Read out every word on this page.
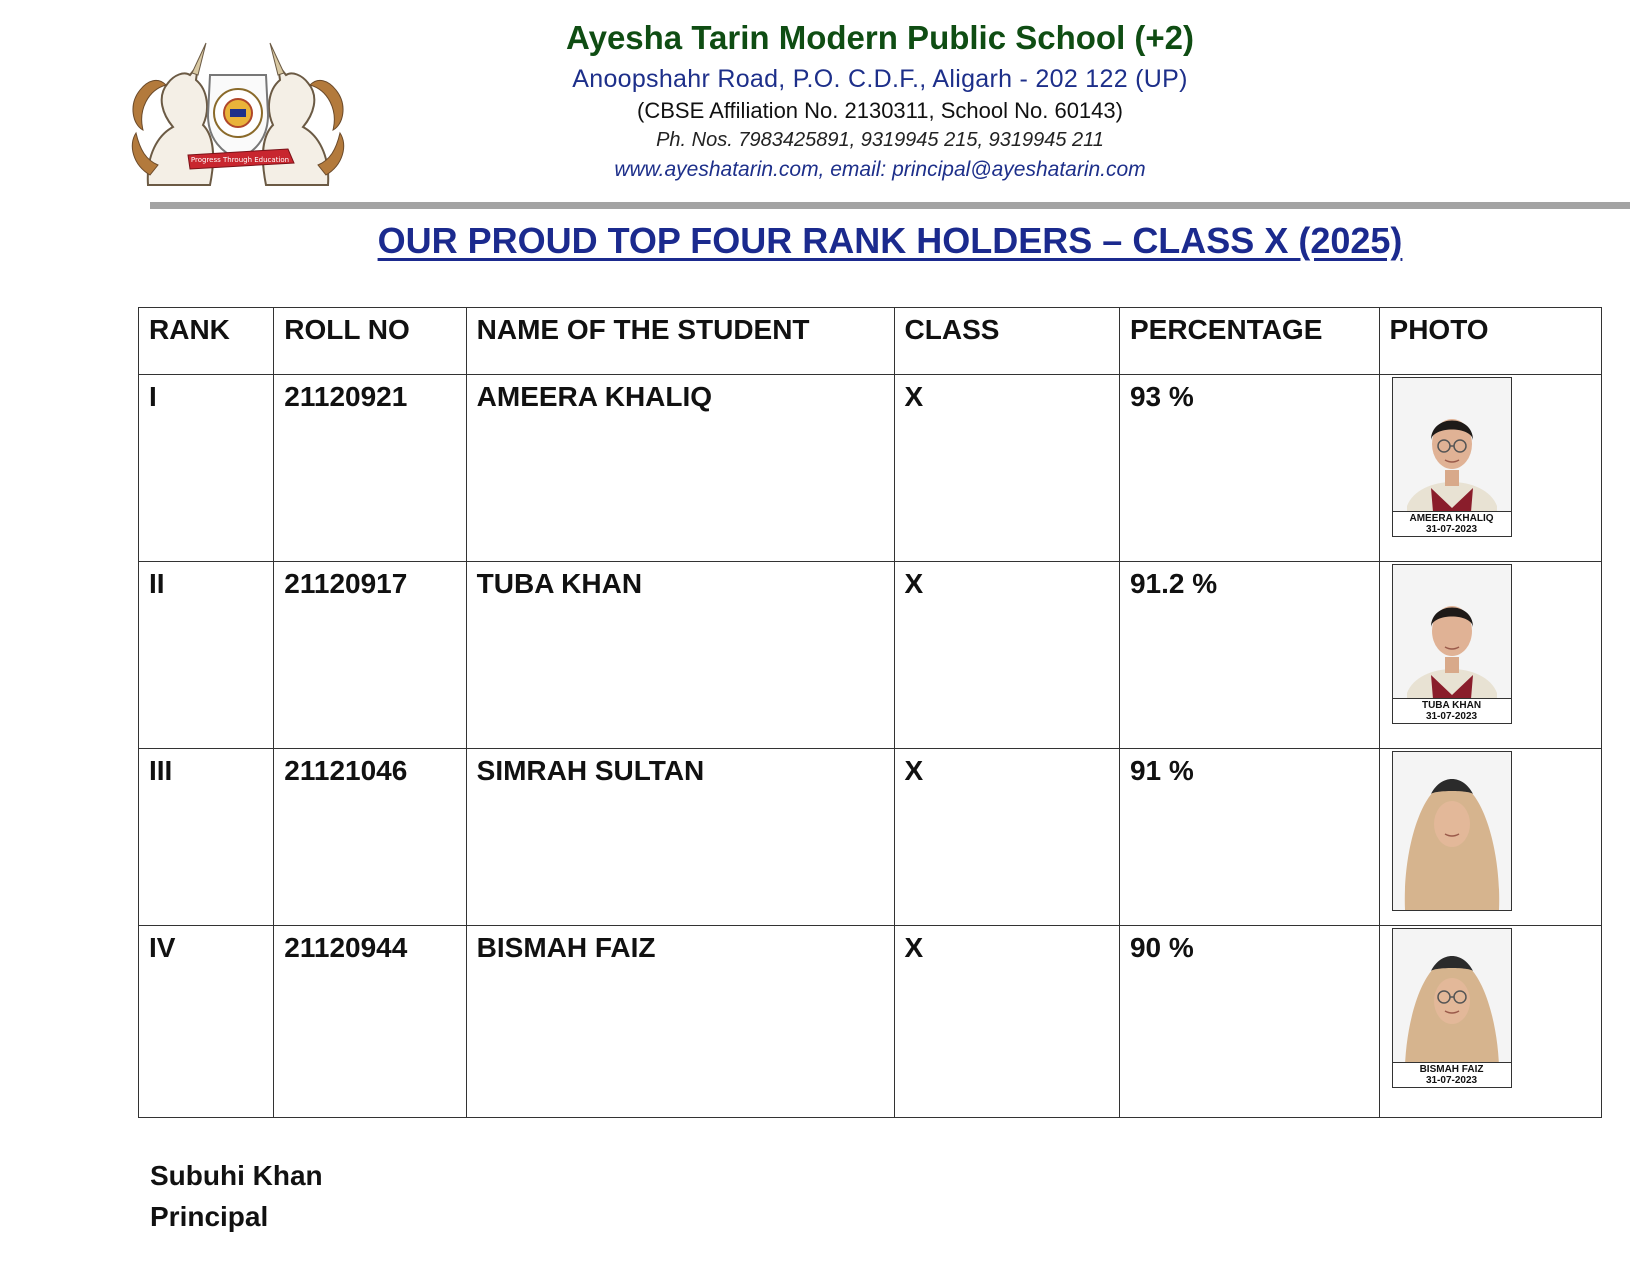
Progress Through Education
Ayesha Tarin Modern Public School (+2)
Anoopshahr Road, P.O. C.D.F., Aligarh - 202 122 (UP)
(CBSE Affiliation No. 2130311, School No. 60143)
Ph. Nos. 7983425891, 9319945 215, 9319945 211
www.ayeshatarin.com, email: principal@ayeshatarin.com
OUR PROUD TOP FOUR RANK HOLDERS – CLASS X (2025)
RANK	ROLL NO	NAME OF THE STUDENT	CLASS	PERCENTAGE	PHOTO
I	21120921	AMEERA KHALIQ	X	93 %	AMEERA KHALIQ
31-07-2023

II	21120917	TUBA KHAN	X	91.2 %	TUBA KHAN
31-07-2023

III	21121046	SIMRAH SULTAN	X	91 %	

IV	21120944	BISMAH FAIZ	X	90 %	BISMAH FAIZ
31-07-2023
Subuhi Khan
Principal
